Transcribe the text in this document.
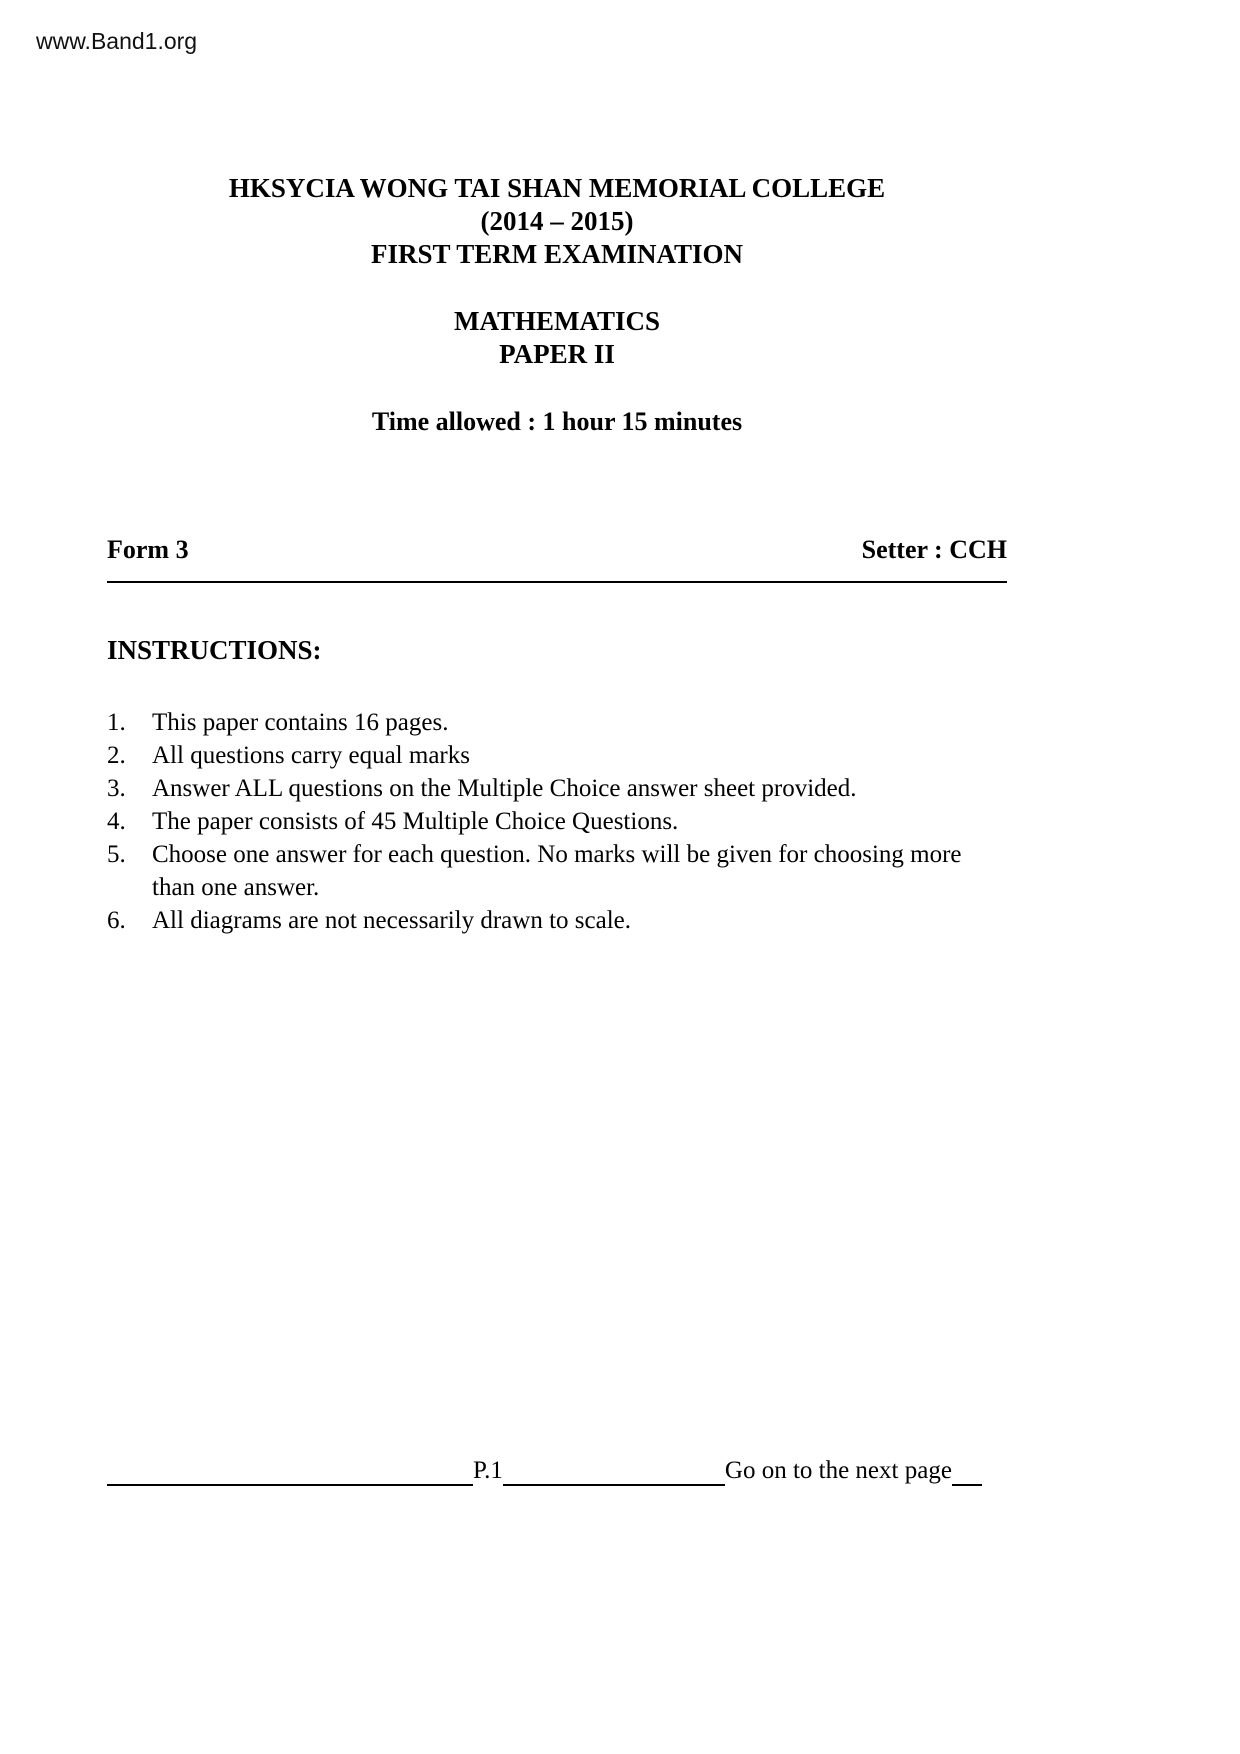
www.Band1.org
HKSYCIA WONG TAI SHAN MEMORIAL COLLEGE
(2014 – 2015)
FIRST TERM EXAMINATION
MATHEMATICS
PAPER II
Time allowed : 1 hour 15 minutes
Form 3	Setter : CCH
INSTRUCTIONS:
1.	This paper contains 16 pages.
2.	All questions carry equal marks
3.	Answer ALL questions on the Multiple Choice answer sheet provided.
4.	The paper consists of 45 Multiple Choice Questions.
5.	Choose one answer for each question. No marks will be given for choosing more than one answer.
6.	All diagrams are not necessarily drawn to scale.
P.1	Go on to the next page
